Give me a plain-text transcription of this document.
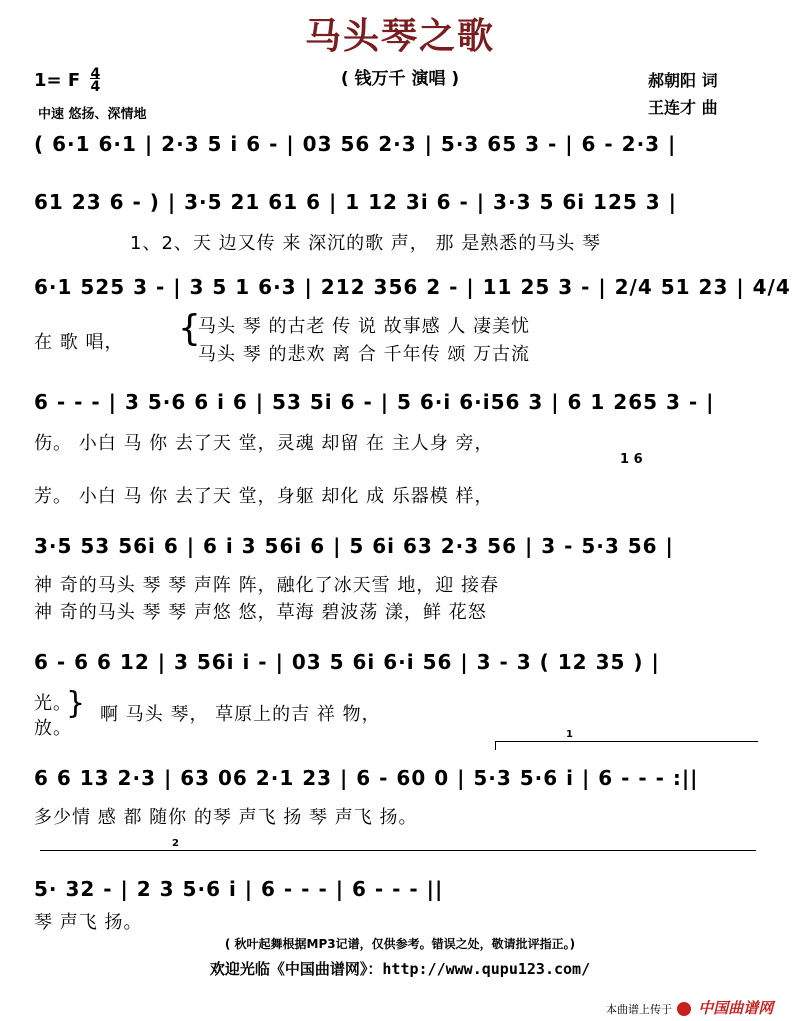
马头琴之歌
( 钱万千 演唱 )
1= F $\frac{4}{4}$
中速 悠扬、深情地
郝朝阳 词
王连才 曲
( 6·1 6·1 | 2·3 5 i 6 - | 03 56 2·3 | 5·3 65 3 - | 6 - 2·3 |
61 23 6 - ) | 3·5 21 61 6 | 1 12 3i 6 - | 3·3 5 6i 125 3 |
1、2、天 边又传 来 深沉的歌 声， 那 是熟悉的马头 琴
6·1 525 3 - | 3 5 1 6·3 | 212 356 2 - | 11 25 3 - | 2/4 51 23 | 4/4
在 歌 唱， {
马头 琴 的古老 传 说 故事感 人 凄美忧
马头 琴 的悲欢 离 合 千年传 颂 万古流
6 - - - | 3 5·6 6 i 6 | 53 5i 6 - | 5 6·i 6·i56 3 | 6 1 265 3 - |
伤。 小白 马 你 去了天 堂，灵魂 却留 在 主人身 旁，
1 6
芳。 小白 马 你 去了天 堂，身躯 却化 成 乐器模 样，
3·5 53 56i 6 | 6 i 3 56i 6 | 5 6i 63 2·3 56 | 3 - 5·3 56 |
神 奇的马头 琴 琴 声阵 阵，融化了冰天雪 地，迎 接春
神 奇的马头 琴 琴 声悠 悠，草海 碧波荡 漾，鲜 花怒
6 - 6 6 12 | 3 56i i - | 03 5 6i 6·i 56 | 3 - 3 ( 12 35 ) |
光。
放。
} 啊 马头 琴， 草原上的吉 祥 物，
1
6 6 13 2·3 | 63 06 2·1 23 | 6 - 60 0 | 5·3 5·6 i | 6 - - - :||
多少情 感 都 随你 的琴 声飞 扬 琴 声飞 扬。
2
5· 32 - | 2 3 5·6 i | 6 - - - | 6 - - - ||
琴 声飞 扬。
( 秋叶起舞根据MP3记谱，仅供参考。错误之处，敬请批评指正。)
欢迎光临《中国曲谱网》：http://www.qupu123.com/
本曲谱上传于 中国曲谱网
